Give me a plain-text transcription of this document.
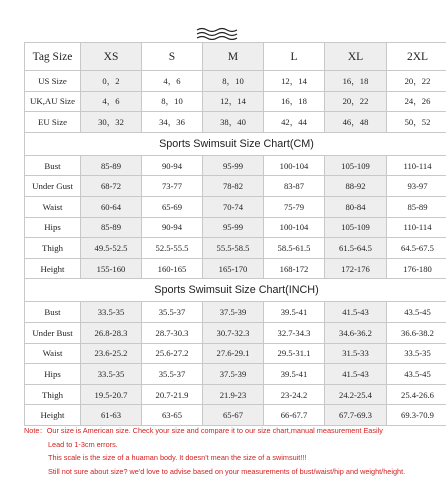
Tag Size	XS	S	M	L	XL	2XL
US Size	0，2	4，6	8，10	12，14	16，18	20，22
UK,AU Size	4，6	8，10	12，14	16，18	20，22	24，26
EU Size	30，32	34，36	38，40	42，44	46，48	50，52
Sports Swimsuit Size Chart(CM)						
Bust	85-89	90-94	95-99	100-104	105-109	110-114
Under Gust	68-72	73-77	78-82	83-87	88-92	93-97
Waist	60-64	65-69	70-74	75-79	80-84	85-89
Hips	85-89	90-94	95-99	100-104	105-109	110-114
Thigh	49.5-52.5	52.5-55.5	55.5-58.5	58.5-61.5	61.5-64.5	64.5-67.5
Height	155-160	160-165	165-170	168-172	172-176	176-180
Sports Swimsuit Size Chart(INCH)						
Bust	33.5-35	35.5-37	37.5-39	39.5-41	41.5-43	43.5-45
Under Bust	26.8-28.3	28.7-30.3	30.7-32.3	32.7-34.3	34.6-36.2	36.6-38.2
Waist	23.6-25.2	25.6-27.2	27.6-29.1	29.5-31.1	31.5-33	33.5-35
Hips	33.5-35	35.5-37	37.5-39	39.5-41	41.5-43	43.5-45
Thigh	19.5-20.7	20.7-21.9	21.9-23	23-24.2	24.2-25.4	25.4-26.6
Height	61-63	63-65	65-67	66-67.7	67.7-69.3	69.3-70.9
Note：Our size is American size. Check your size and compare it to our size chart,manual measurement Easily
Lead to 1-3cm errors.
This scale is the size of a huaman body. It doesn't mean the size of a swimsuit!!!
Still not sure about size? we'd love to advise based on your measurements of bust/waist/hip and weight/height.
